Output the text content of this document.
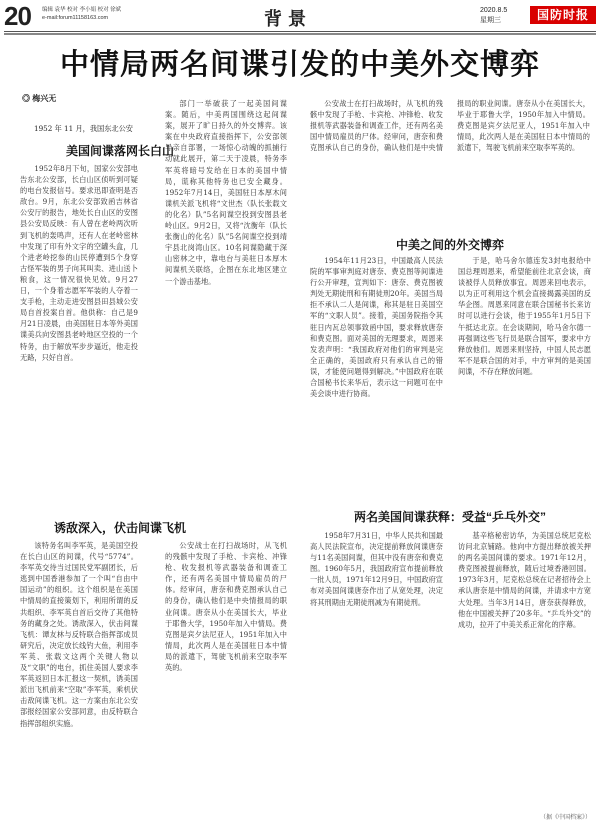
20 编辑 袁华 校对 李小娟 校对 徐斌
e-mail:forum11158163.com	背景	2020.8.5
星期三	国防时报
中情局两名间谍引发的中美外交博弈
◎ 梅兴无
1952 年 11 月，我国东北公安
美国间谍落网长白山
中美之间的外交博弈
诱敌深入，伏击间谍飞机
两名美国间谍获释：受益“乒乓外交”

1952年8月下旬，国家公安部电告东北公安部，长白山区侦听到可疑的电台发报信号。要求迅即查明是否敌台。9月，东北公安部致函吉林省公安厅的报告，地处长白山区的安图县公安局反映：有人曾在老岭两次听到飞机的轰鸣声，还有人在老岭密林中发现了印有外文字的空罐头盒，几个进老岭挖参的山民停遭到5个身穿古怪军装的男子向其叫卖、进山送卜粮食，这一情况很快见效。9月27日，一个身着志愿军军装的人夺着一支手枪，主动走进安图县田县城公安局自首投案自首。他供称：自己是9月21日凌晨，由美国驻日本等外美国谍美兵向安图县老岭地区空投的一个特务，由于解放军步步逼近，他走投无路，只好自首。

该特务名叫李军英，是美国空投在长白山区的间谍，代号“5774”。李军英交待当过国民党军副团长，后逃到中国香港参加了一个叫“自由中国运动”的组织。这个组织是在美国中情局的直接策划下，利用所谓的反共组织、李军英自首后交待了其他特务的藏身之处。诱敌深入，伏击间谍飞机：谭友林与反特联合指挥部成员研究后，决定放长线钓大鱼，利用李军英、张载文这两个关键人物以及“文职”的电台，抓住美国人要求李军英返回日本汇报这一契机，诱美国派出飞机前来“空取”李军英，乘机伏击敌间谍飞机。这一方案由东北公安部报经国家公安部同意，由反特联合指挥部组织实施。

部门一举破获了一起美国间谍案。随后，中美两国围绕这起间谍案，展开了旷日持久的外交博弈。该案在中央政府直接指挥下，公安部领导亲自部署，一场惊心动魄的抓捕行动就此展开，第二天于凌晨，特务李军英将暗号发给在日本的美国中情局，谎称其他特务也已安全藏身。1952年7月14日，美国驻日本厚木间谍机关派飞机将“文世杰（队长张载文的化名）队”5名间谍空投到安图县老岭山区。9月2日，又将“沈衡年（队长张衡山的化名）队”5名间谍空投到靖宇县北岗湾山区。10名间谍隐藏于深山密林之中，靠电台与美驻日本厚木间谍机关联络，企图在东北地区建立一个游击基地。

公安战士在打扫战场时，从飞机的残骸中发现了手枪、卡宾枪、冲锋枪、收发报机等武器装备和调查工作，还有两名美国中情局雇员的尸体。经审问，唐奈和费克图承认自己的身份，确认他们是中央情报局的职业间谍。唐奈从小在美国长大，毕业于耶鲁大学，1950年加入中情局。费克图是宾夕法尼亚人，1951年加入中情局，此次两人是在美国驻日本中情局的派遣下，驾驶飞机前来空取李军英的。

公安战士在打扫战场时，从飞机的残骸中发现了手枪、卡宾枪、冲锋枪、收发报机等武器装备和调查工作，还有两名美国中情局雇员的尸体。经审问，唐奈和费克图承认自己的身份，确认他们是中央情报局的职业间谍。唐奈从小在美国长大，毕业于耶鲁大学，1950年加入中情局。费克图是宾夕法尼亚人，1951年加入中情局，此次两人是在美国驻日本中情局的派遣下，驾驶飞机前来空取李军英的。

1954年11月23日，中国最高人民法院的军事审判庭对唐奈、费克图等间谍进行公开审理，宣判如下：唐奈、费克图被判处无期徒刑和有期徒刑20年。美国当局拒不承认二人是间谍，称其是驻日美国空军的“文职人员”。接着，美国务院指令其驻日内瓦总领事致函中国，要求释放唐奈和费克图。面对美国的无理要求，周恩来发表声明：“我国政府对他们的审判是完全正确的，美国政府只有承认自己的错误，才能使问题得到解决。”中国政府在联合国秘书长来华后，表示这一问题可在中美会谈中进行协商。

于是，哈马舍尔德连发3封电报给中国总理周恩来，希望能前往北京会谈，商谈被俘人员释放事宜。周恩来回电表示，以为正可利用这个机会直接揭露美国的反华企图。周恩来同意在联合国秘书长来访时可以进行会谈，他于1955年1月5日下午抵达北京。在会谈期间，哈马舍尔德一再强调这些飞行员是联合国军，要求中方释放他们。周恩来则坚持，中国人民志愿军不是联合国的对手，中方审判的是美国间谍，不存在释放问题。

1958年7月31日，中华人民共和国最高人民法院宣布，决定提前释放间谍唐奈与11名美国间谍，但其中没有唐奈和费克图。1960年5月，我国政府宣布提前释放一批人员，1971年12月9日，中国政府宣布对美国间谍唐奈作出了从宽处理，决定将其刑期由无期徒刑减为有期徒刑。

基辛格秘密访华，为美国总统尼克松访问北京铺路。他向中方提出释放被关押的两名美国间谍的要求。1971年12月，费克图被提前释放，随后过境香港回国。1973年3月，尼克松总统在记者招待会上承认唐奈是中情局的间谍，并请求中方宽大处理。当年3月14日，唐奈获得释放，他在中国被关押了20多年。“乒乓外交”的成功，拉开了中美关系正常化的序幕。

（据《中国档案》）
